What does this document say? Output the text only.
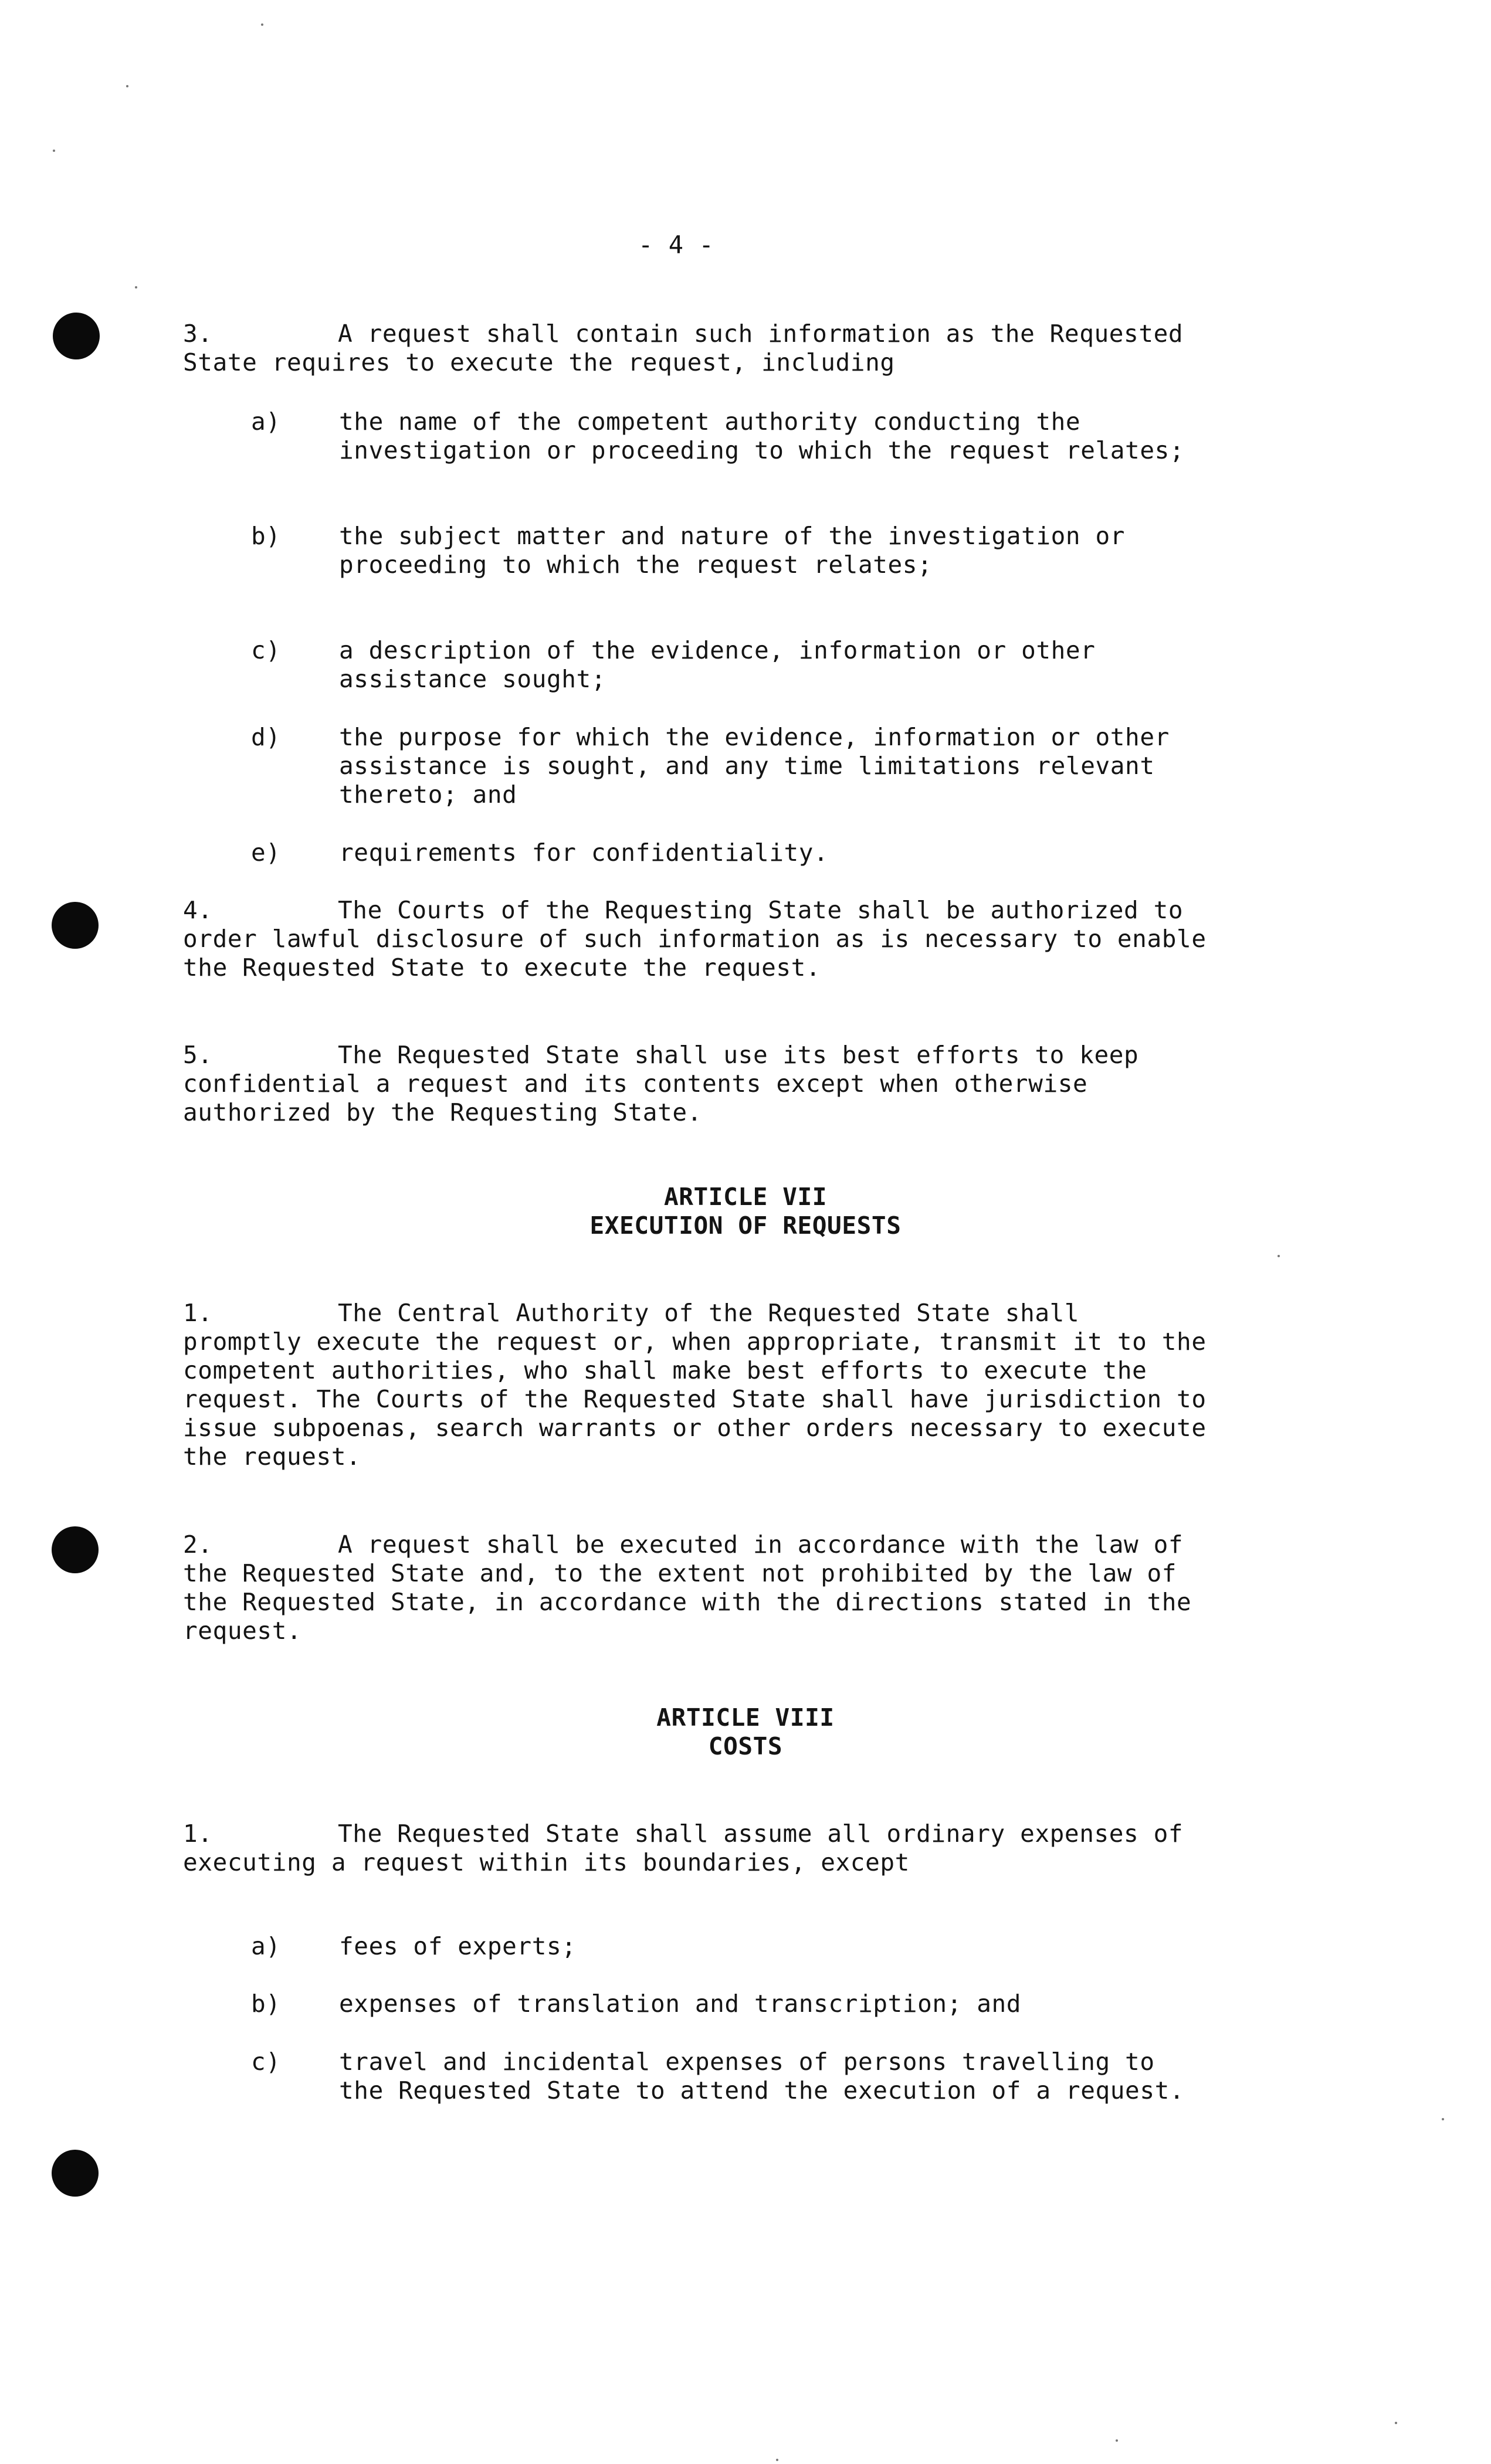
- 4 -
3.	A request shall contain such information as the Requested State requires to execute the request, including
a) the name of the competent authority conducting the investigation or proceeding to which the request relates;
b) the subject matter and nature of the investigation or proceeding to which the request relates;
c) a description of the evidence, information or other assistance sought;
d) the purpose for which the evidence, information or other assistance is sought, and any time limitations relevant thereto; and
e) requirements for confidentiality.
4.	The Courts of the Requesting State shall be authorized to order lawful disclosure of such information as is necessary to enable the Requested State to execute the request.
5.	The Requested State shall use its best efforts to keep confidential a request and its contents except when otherwise authorized by the Requesting State.
ARTICLE VII
EXECUTION OF REQUESTS
1.	The Central Authority of the Requested State shall promptly execute the request or, when appropriate, transmit it to the competent authorities, who shall make best efforts to execute the request. The Courts of the Requested State shall have jurisdiction to issue subpoenas, search warrants or other orders necessary to execute the request.
2.	A request shall be executed in accordance with the law of the Requested State and, to the extent not prohibited by the law of the Requested State, in accordance with the directions stated in the request.
ARTICLE VIII
COSTS
1.	The Requested State shall assume all ordinary expenses of executing a request within its boundaries, except
a) fees of experts;
b) expenses of translation and transcription; and
c) travel and incidental expenses of persons travelling to the Requested State to attend the execution of a request.
